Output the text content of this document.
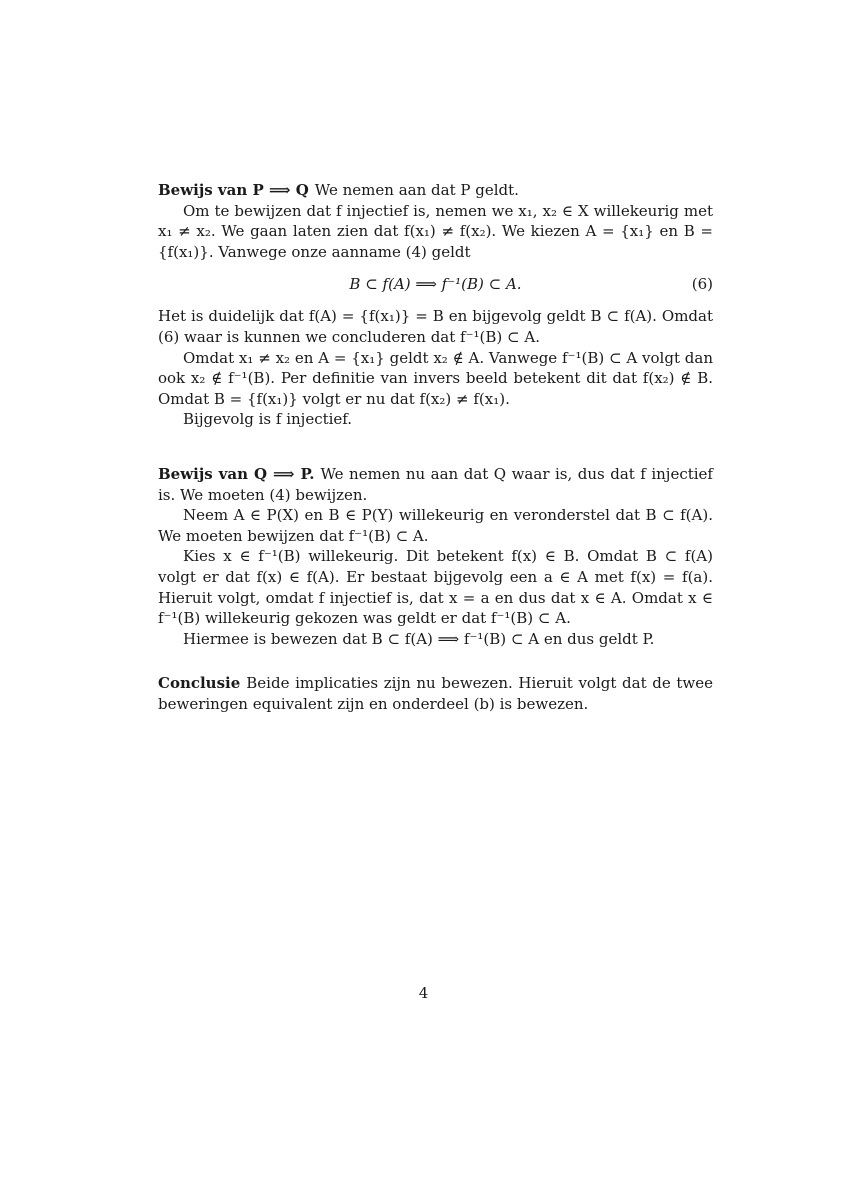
Bewijs van P ⟹ Q We nemen aan dat P geldt.

Om te bewijzen dat f injectief is, nemen we x₁, x₂ ∈ X willekeurig met x₁ ≠ x₂. We gaan laten zien dat f(x₁) ≠ f(x₂). We kiezen A = {x₁} en B = {f(x₁)}. Vanwege onze aanname (4) geldt

B ⊂ f(A) ⟹ f⁻¹(B) ⊂ A.	(6)

Het is duidelijk dat f(A) = {f(x₁)} = B en bijgevolg geldt B ⊂ f(A). Omdat (6) waar is kunnen we concluderen dat f⁻¹(B) ⊂ A.

Omdat x₁ ≠ x₂ en A = {x₁} geldt x₂ ∉ A. Vanwege f⁻¹(B) ⊂ A volgt dan ook x₂ ∉ f⁻¹(B). Per definitie van invers beeld betekent dit dat f(x₂) ∉ B. Omdat B = {f(x₁)} volgt er nu dat f(x₂) ≠ f(x₁).

Bijgevolg is f injectief.

Bewijs van Q ⟹ P. We nemen nu aan dat Q waar is, dus dat f injectief is. We moeten (4) bewijzen.

Neem A ∈ P(X) en B ∈ P(Y) willekeurig en veronderstel dat B ⊂ f(A). We moeten bewijzen dat f⁻¹(B) ⊂ A.

Kies x ∈ f⁻¹(B) willekeurig. Dit betekent f(x) ∈ B. Omdat B ⊂ f(A) volgt er dat f(x) ∈ f(A). Er bestaat bijgevolg een a ∈ A met f(x) = f(a). Hieruit volgt, omdat f injectief is, dat x = a en dus dat x ∈ A. Omdat x ∈ f⁻¹(B) willekeurig gekozen was geldt er dat f⁻¹(B) ⊂ A.

Hiermee is bewezen dat B ⊂ f(A) ⟹ f⁻¹(B) ⊂ A en dus geldt P.

Conclusie Beide implicaties zijn nu bewezen. Hieruit volgt dat de twee beweringen equivalent zijn en onderdeel (b) is bewezen.

4
